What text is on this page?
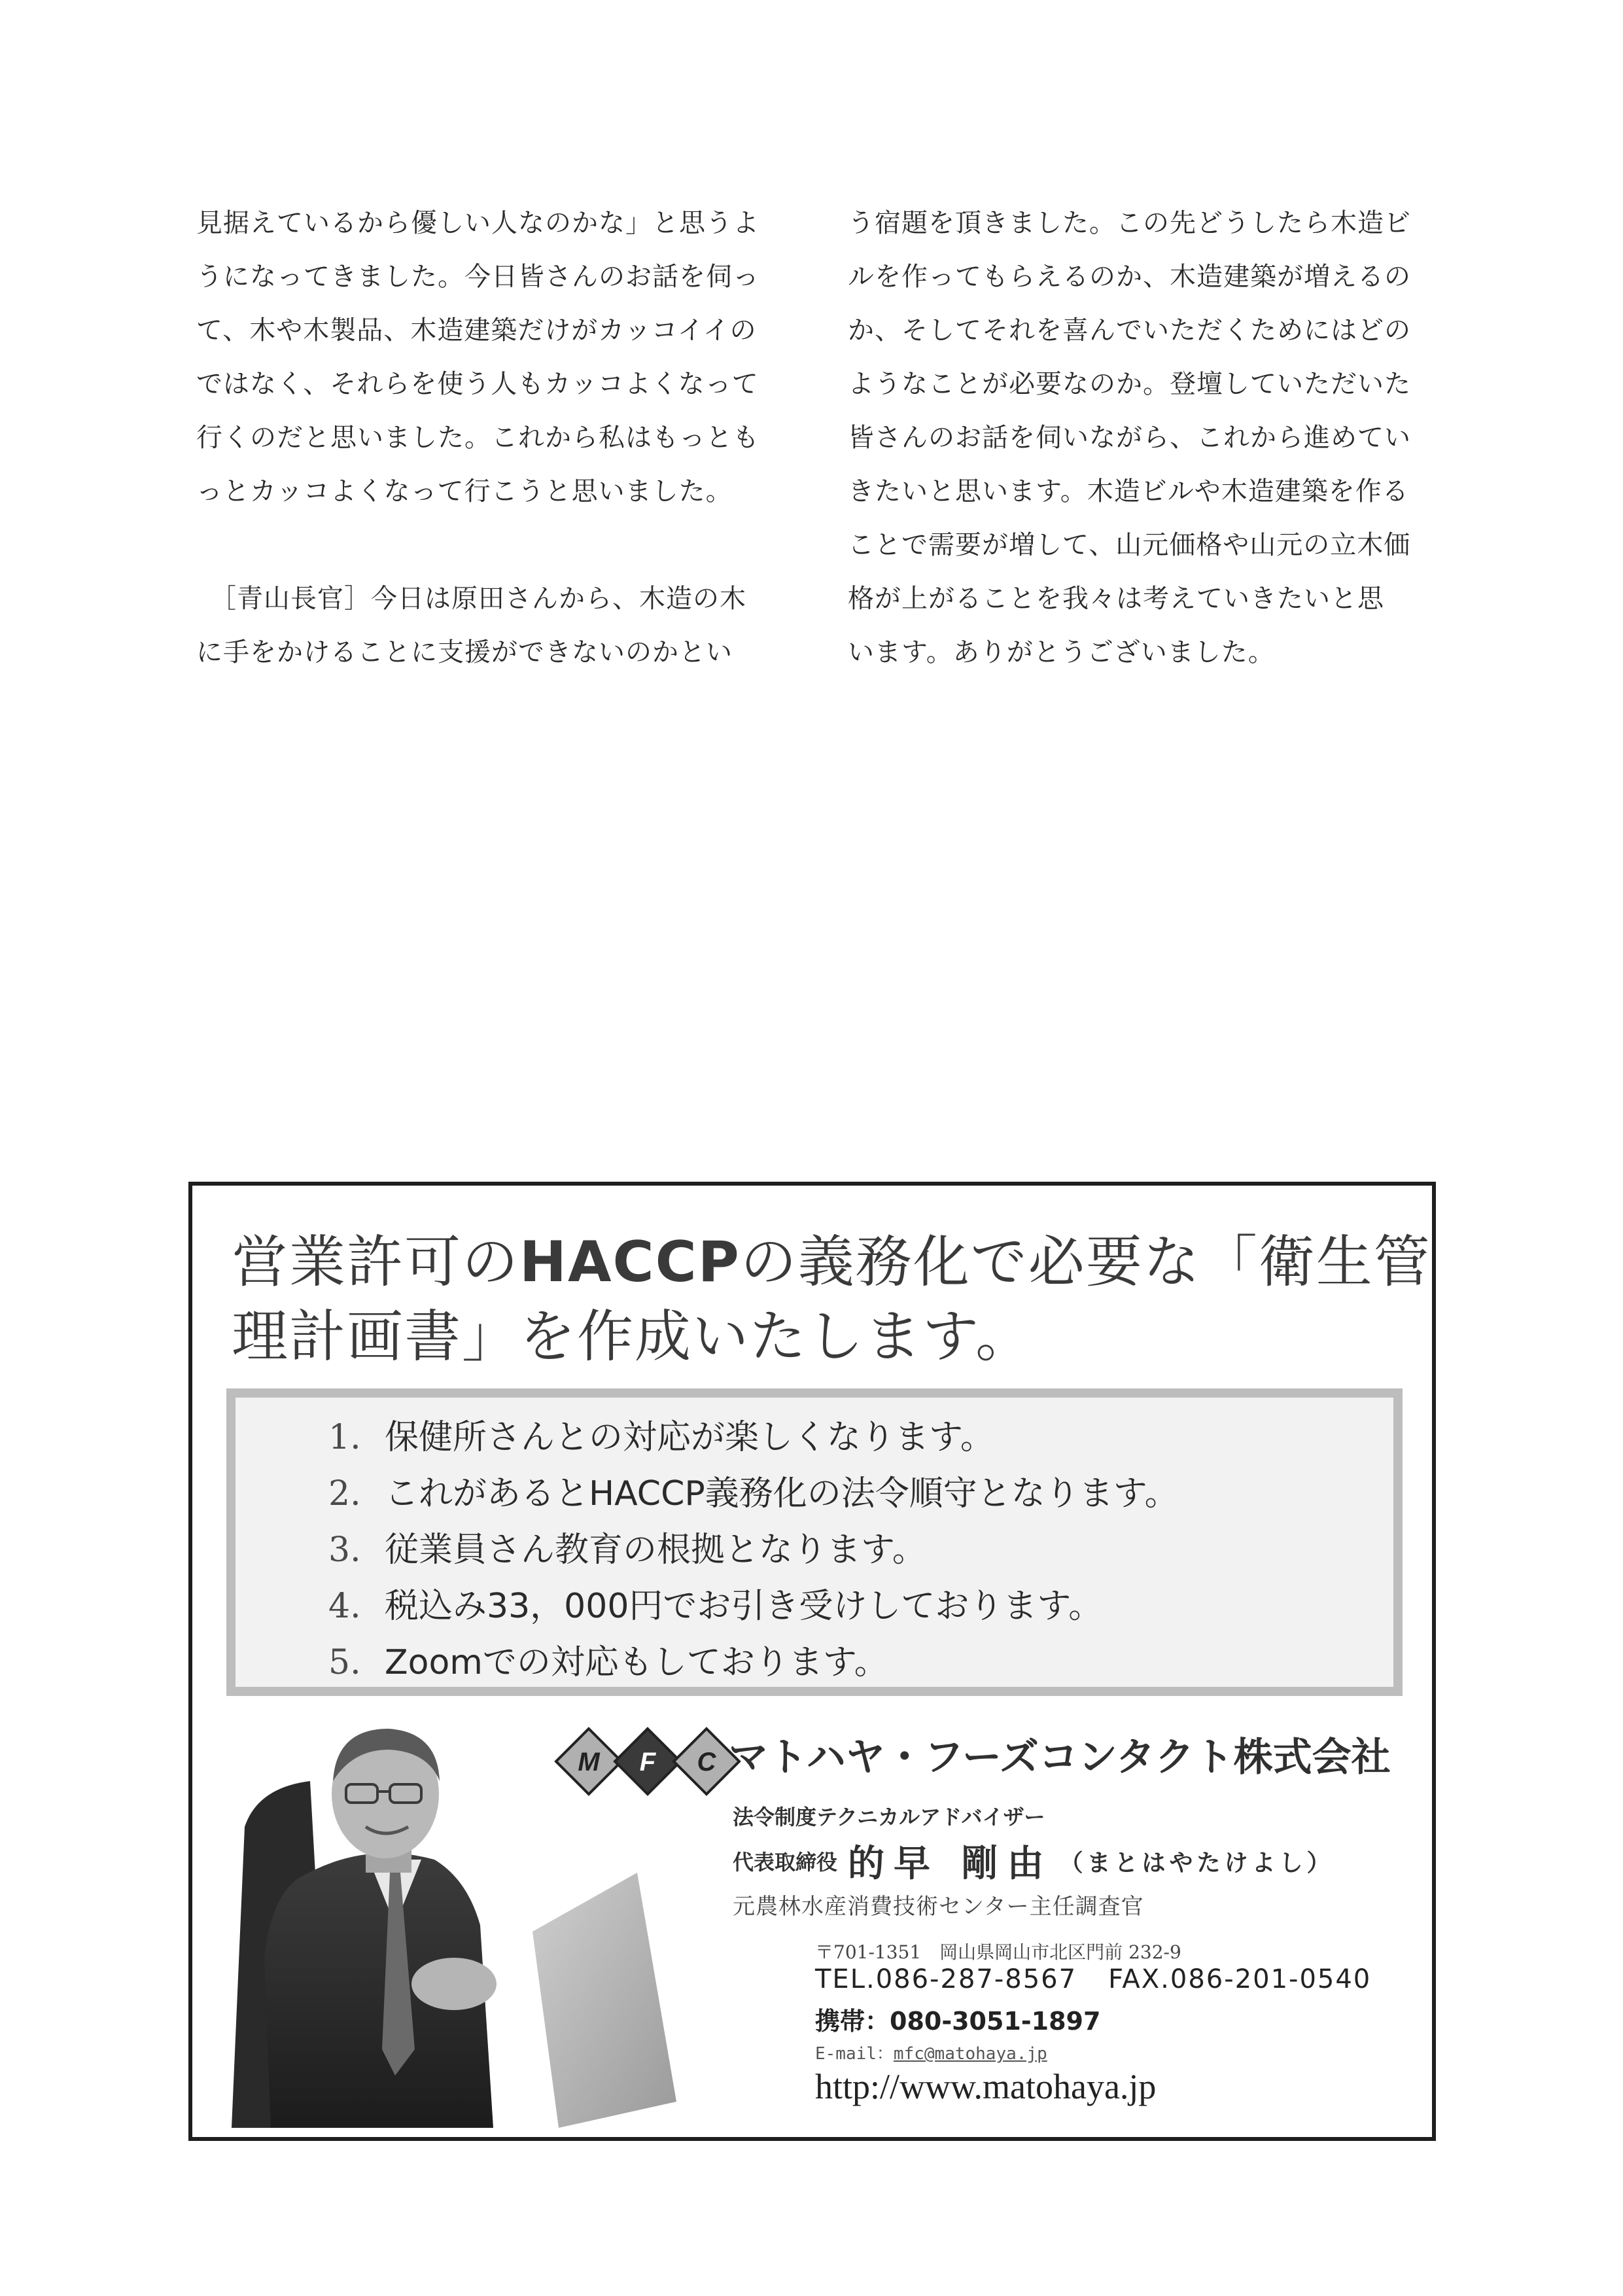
見据えているから優しい人なのかな」と思うよ

うになってきました。今日皆さんのお話を伺っ

て、木や木製品、木造建築だけがカッコイイの

ではなく、それらを使う人もカッコよくなって

行くのだと思いました。これから私はもっとも

っとカッコよくなって行こうと思いました。

　［青山長官］今日は原田さんから、木造の木

に手をかけることに支援ができないのかとい

う宿題を頂きました。この先どうしたら木造ビ

ルを作ってもらえるのか、木造建築が増えるの

か、そしてそれを喜んでいただくためにはどの

ようなことが必要なのか。登壇していただいた

皆さんのお話を伺いながら、これから進めてい

きたいと思います。木造ビルや木造建築を作る

ことで需要が増して、山元価格や山元の立木価

格が上がることを我々は考えていきたいと思

います。ありがとうございました。

営業許可のHACCPの義務化で必要な「衛生管

理計画書」を作成いたします。

1. 保健所さんとの対応が楽しくなります。
2. これがあるとHACCP義務化の法令順守となります。
3. 従業員さん教育の根拠となります。
4. 税込み33，000円でお引き受けしております。
5. Zoomでの対応もしております。
M F C マトハヤ・フーズコンタクト株式会社
法令制度テクニカルアドバイザー
代表取締役 的早 剛由 （まとはやたけよし）
元農林水産消費技術センター主任調査官
〒701-1351　岡山県岡山市北区門前 232-9
TEL.086-287-8567 FAX.086-201-0540
携帯：080-3051-1897
E-mail：mfc@matohaya.jp
http://www.matohaya.jp
